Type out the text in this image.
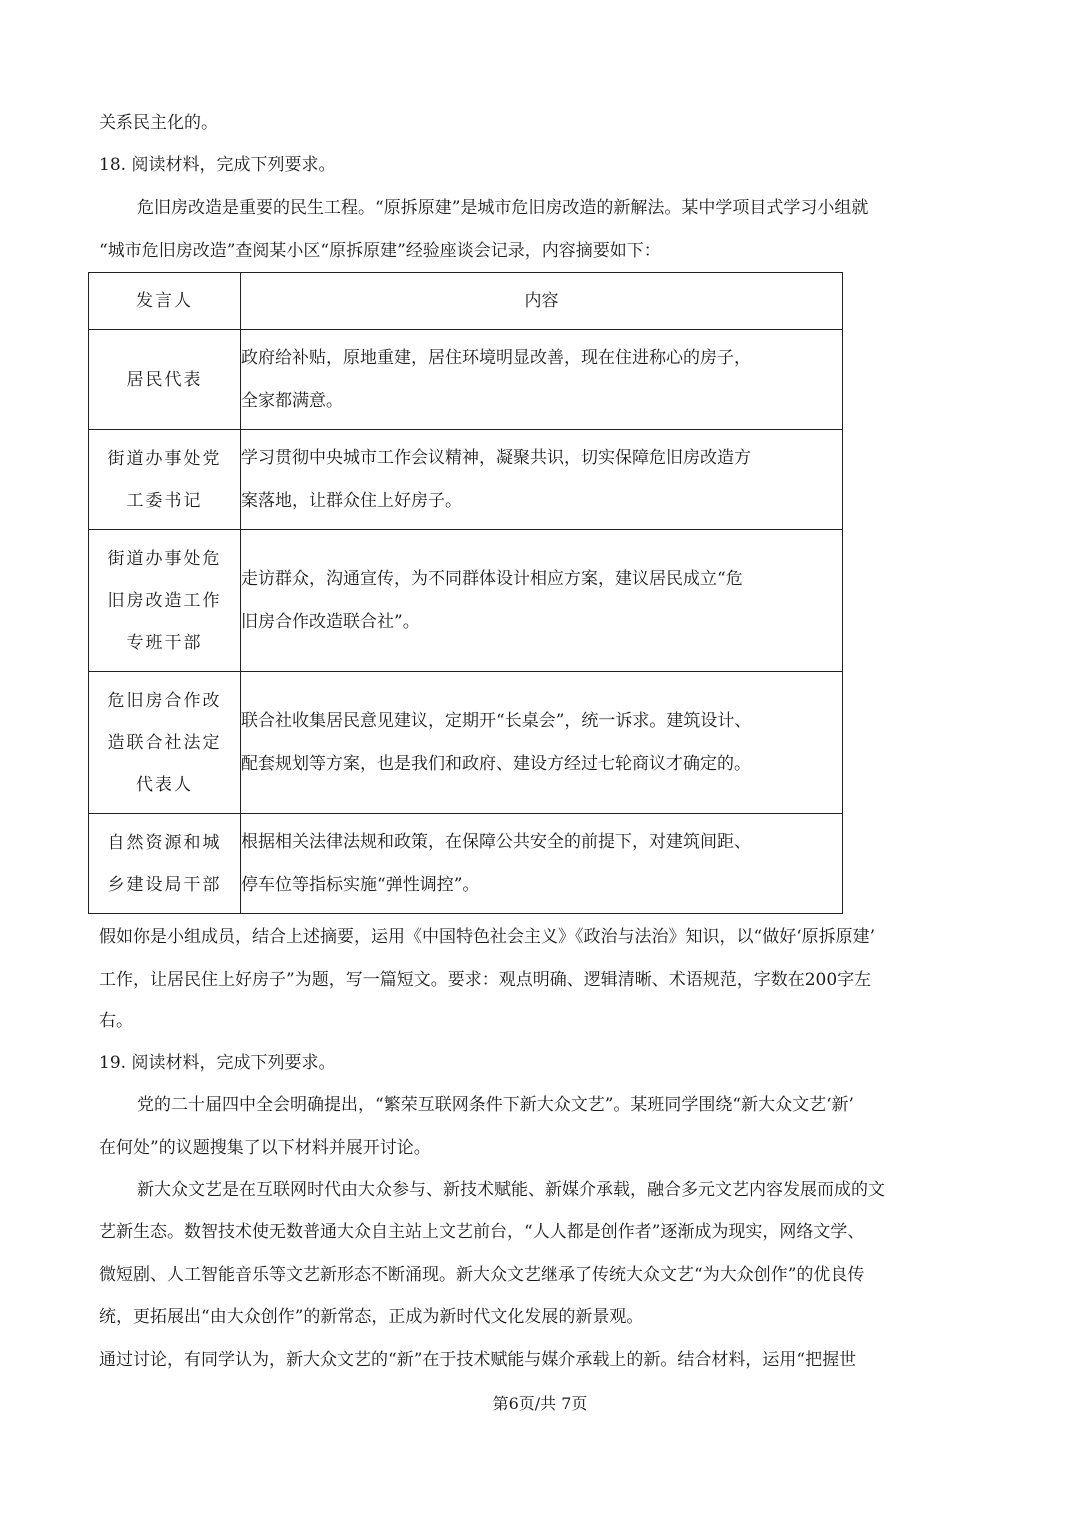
关系民主化的。
18. 阅读材料，完成下列要求。
危旧房改造是重要的民生工程。“原拆原建”是城市危旧房改造的新解法。某中学项目式学习小组就
“城市危旧房改造”查阅某小区“原拆原建”经验座谈会记录，内容摘要如下：
发言人	内容

居民代表	政府给补贴，原地重建，居住环境明显改善，现在住进称心的房子，
全家都满意。

街道办事处党
工委书记	学习贯彻中央城市工作会议精神，凝聚共识，切实保障危旧房改造方
案落地，让群众住上好房子。

街道办事处危
旧房改造工作
专班干部	走访群众，沟通宣传，为不同群体设计相应方案，建议居民成立“危
旧房合作改造联合社”。

危旧房合作改
造联合社法定
代表人	联合社收集居民意见建议，定期开“长桌会”，统一诉求。建筑设计、
配套规划等方案，也是我们和政府、建设方经过七轮商议才确定的。

自然资源和城
乡建设局干部	根据相关法律法规和政策，在保障公共安全的前提下，对建筑间距、
停车位等指标实施“弹性调控”。
假如你是小组成员，结合上述摘要，运用《中国特色社会主义》《政治与法治》知识，以“做好‘原拆原建’
工作，让居民住上好房子”为题，写一篇短文。要求：观点明确、逻辑清晰、术语规范，字数在200字左
右。
19. 阅读材料，完成下列要求。
党的二十届四中全会明确提出，“繁荣互联网条件下新大众文艺”。某班同学围绕“新大众文艺‘新’
在何处”的议题搜集了以下材料并展开讨论。
新大众文艺是在互联网时代由大众参与、新技术赋能、新媒介承载，融合多元文艺内容发展而成的文
艺新生态。数智技术使无数普通大众自主站上文艺前台，“人人都是创作者”逐渐成为现实，网络文学、
微短剧、人工智能音乐等文艺新形态不断涌现。新大众文艺继承了传统大众文艺“为大众创作”的优良传
统，更拓展出“由大众创作”的新常态，正成为新时代文化发展的新景观。
通过讨论，有同学认为，新大众文艺的“新”在于技术赋能与媒介承载上的新。结合材料，运用“把握世
第6页/共 7页
